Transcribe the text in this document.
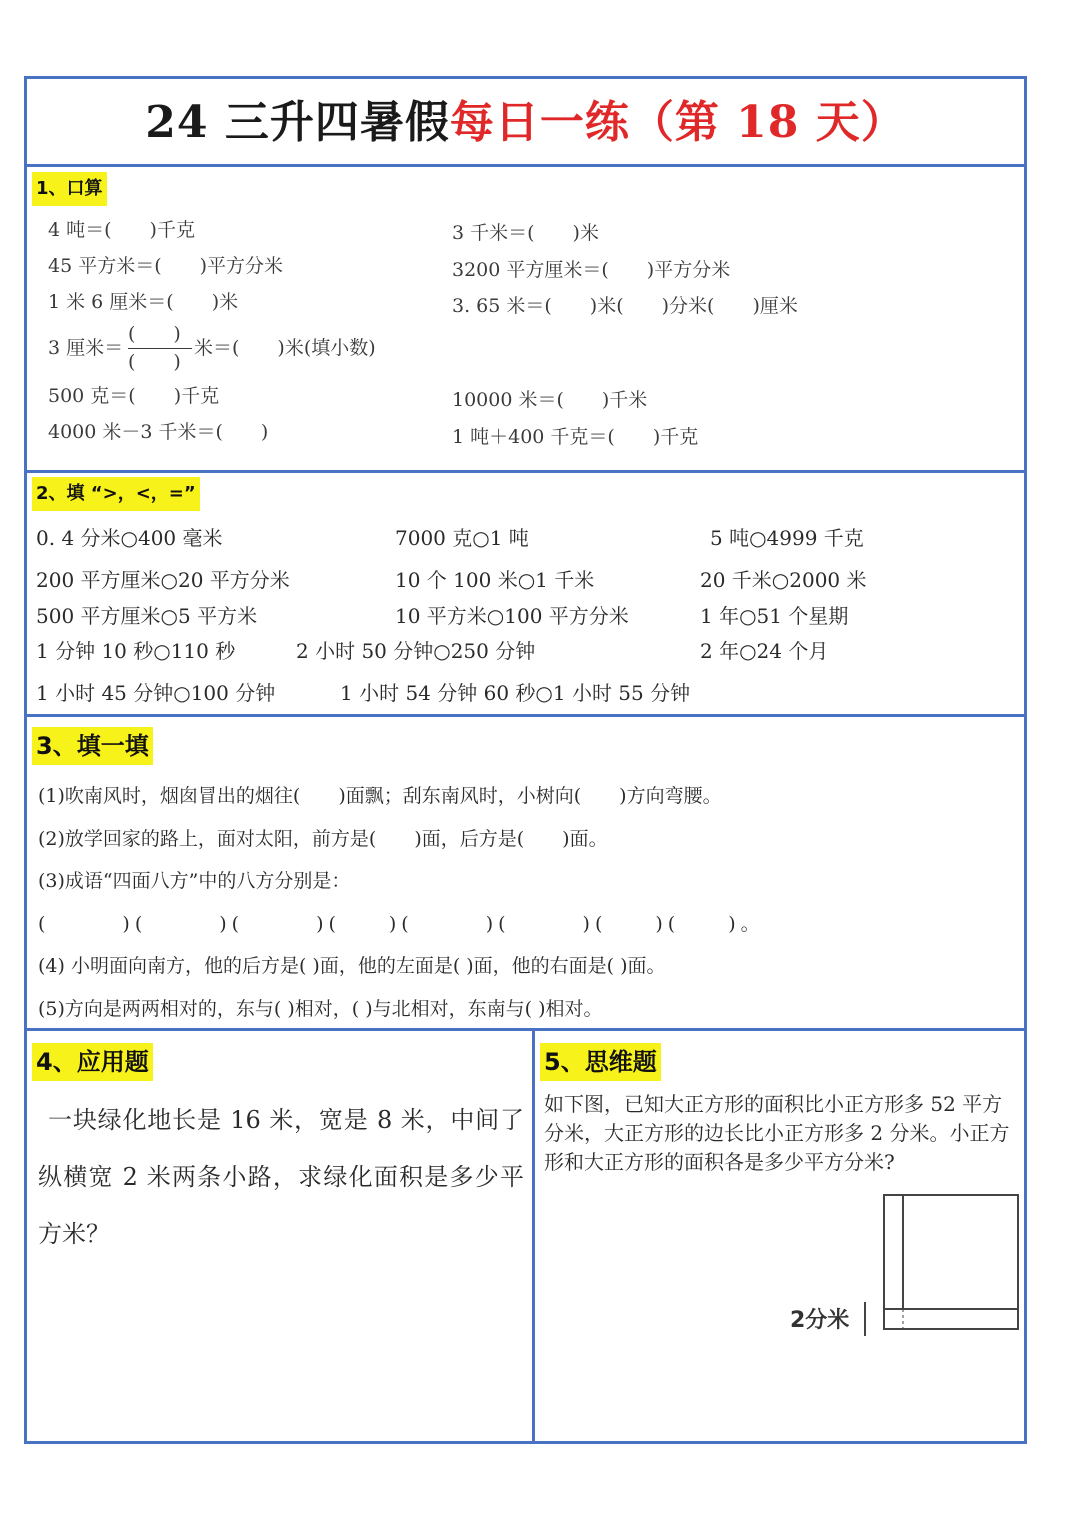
24 三升四暑假每日一练（第 18 天）
1、口算
4 吨＝(　　)千克
45 平方米＝(　　)平方分米
1 米 6 厘米＝(　　)米
3 厘米＝
(　　)
(　　)
米＝(　　)米(填小数)
500 克＝(　　)千克
4000 米－3 千米＝(　　)
3 千米＝(　　)米
3200 平方厘米＝(　　)平方分米
3. 65 米＝(　　)米(　　)分米(　　)厘米
10000 米＝(　　)千米
1 吨＋400 千克＝(　　)千克
2、填 “>，<，=”
0. 4 分米○400 毫米	7000 克○1 吨	5 吨○4999 千克
200 平方厘米○20 平方分米	10 个 100 米○1 千米	20 千米○2000 米
500 平方厘米○5 平方米	10 平方米○100 平方分米	1 年○51 个星期
1 分钟 10 秒○110 秒	2 小时 50 分钟○250 分钟	2 年○24 个月
1 小时 45 分钟○100 分钟	1 小时 54 分钟 60 秒○1 小时 55 分钟
3、填一填
(1)吹南风时，烟囱冒出的烟往(　　)面飘；刮东南风时，小树向(　　)方向弯腰。
(2)放学回家的路上，面对太阳，前方是(　　)面，后方是(　　)面。
(3)成语“四面八方”中的八方分别是：
(　　　)(　　　)(　　　)(　　)(　　　)(　　　)(　　)(　　)。
(4) 小明面向南方，他的后方是( )面，他的左面是( )面，他的右面是( )面。
(5)方向是两两相对的，东与( )相对，( )与北相对，东南与( )相对。
4、应用题
一块绿化地长是 16 米，宽是 8 米，中间了纵横宽 2 米两条小路，求绿化面积是多少平方米？
5、思维题
如下图，已知大正方形的面积比小正方形多 52 平方分米，大正方形的边长比小正方形多 2 分米。小正方形和大正方形的面积各是多少平方分米?
2分米
